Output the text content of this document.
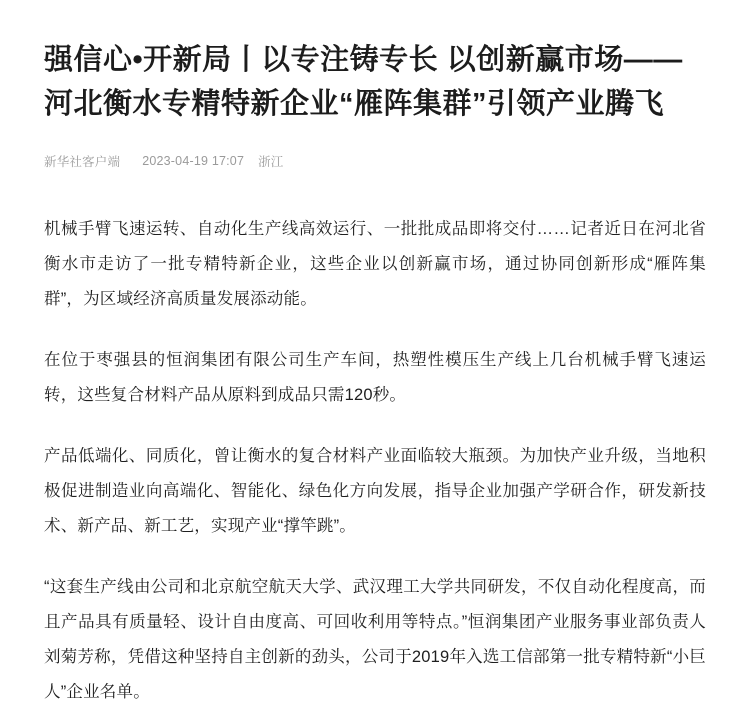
强信心•开新局丨以专注铸专长 以创新赢市场——河北衡水专精特新企业“雁阵集群”引领产业腾飞
新华社客户端 2023-04-19 17:07 浙江

机械手臂飞速运转、自动化生产线高效运行、一批批成品即将交付……记者近日在河北省衡水市走访了一批专精特新企业，这些企业以创新赢市场，通过协同创新形成“雁阵集群”，为区域经济高质量发展添动能。

在位于枣强县的恒润集团有限公司生产车间，热塑性模压生产线上几台机械手臂飞速运转，这些复合材料产品从原料到成品只需120秒。

产品低端化、同质化，曾让衡水的复合材料产业面临较大瓶颈。为加快产业升级，当地积极促进制造业向高端化、智能化、绿色化方向发展，指导企业加强产学研合作，研发新技术、新产品、新工艺，实现产业“撑竿跳”。

“这套生产线由公司和北京航空航天大学、武汉理工大学共同研发，不仅自动化程度高，而且产品具有质量轻、设计自由度高、可回收利用等特点。”恒润集团产业服务事业部负责人刘菊芳称，凭借这种坚持自主创新的劲头，公司于2019年入选工信部第一批专精特新“小巨人”企业名单。
